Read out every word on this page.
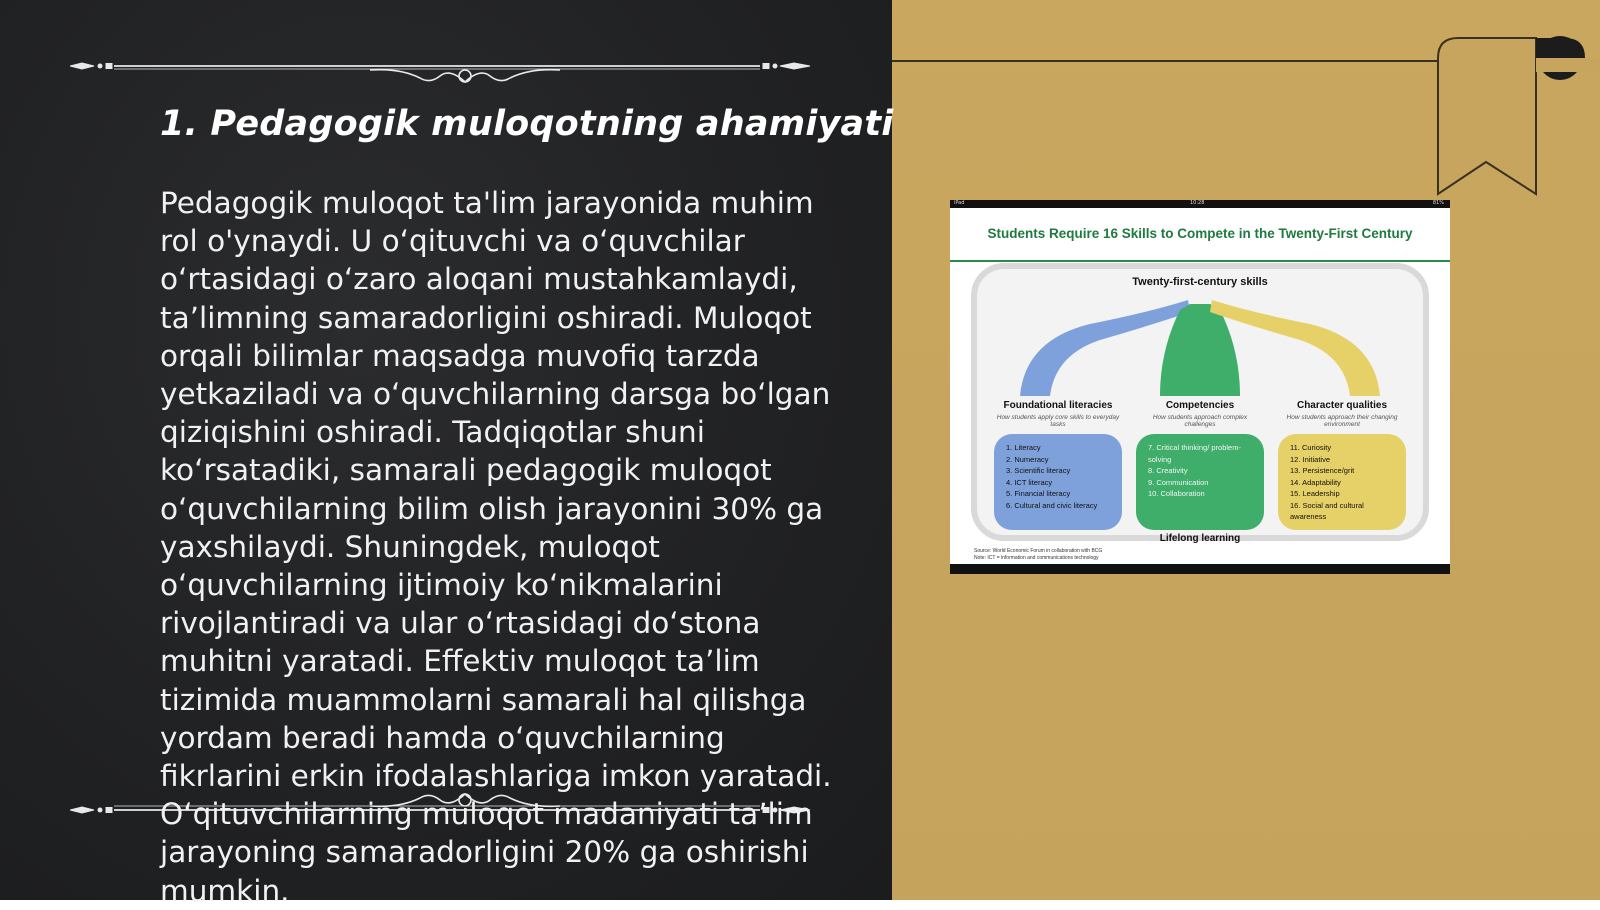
1. Pedagogik muloqotning ahamiyati

Pedagogik muloqot ta'lim jarayonida muhim rol o'ynaydi. U o‘qituvchi va o‘quvchilar o‘rtasidagi o‘zaro aloqani mustahkamlaydi, ta’limning samaradorligini oshiradi. Muloqot orqali bilimlar maqsadga muvofiq tarzda yetkaziladi va o‘quvchilarning darsga bo‘lgan qiziqishini oshiradi. Tadqiqotlar shuni ko‘rsatadiki, samarali pedagogik muloqot o‘quvchilarning bilim olish jarayonini 30% ga yaxshilaydi. Shuningdek, muloqot o‘quvchilarning ijtimoiy ko‘nikmalarini rivojlantiradi va ular o‘rtasidagi do‘stona muhitni yaratadi. Effektiv muloqot ta’lim tizimida muammolarni samarali hal qilishga yordam beradi hamda o‘quvchilarning fikrlarini erkin ifodalashlariga imkon yaratadi. O‘qituvchilarning muloqot madaniyati ta’lim jarayoning samaradorligini 20% ga oshirishi mumkin.

iPad	10:28	81%
Students Require 16 Skills to Compete in the Twenty-First Century
Twenty-first-century skills
Foundational literacies	Competencies	Character qualities
How students apply core skills to everyday tasks
How students approach complex challenges
How students approach their changing environment
1. Literacy
2. Numeracy
3. Scientific literacy
4. ICT literacy
5. Financial literacy
6. Cultural and civic literacy
7. Critical thinking/ problem-solving
8. Creativity
9. Communication
10. Collaboration
11. Curiosity
12. Initiative
13. Persistence/grit
14. Adaptability
15. Leadership
16. Social and cultural awareness
Lifelong learning
Source: World Economic Forum in collaboration with BCG
Note: ICT = information and communications technology
